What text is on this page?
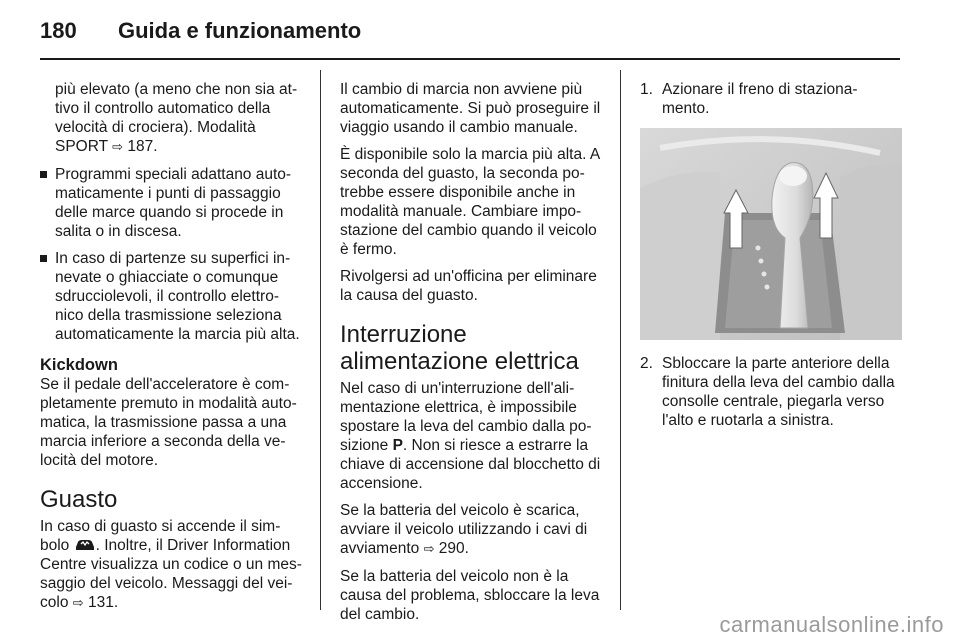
180	Guida e funzionamento

più elevato (a meno che non sia at-tivo il controllo automatico della velocità di crociera). Modalità SPORT ⇨ 187.

Programmi speciali adattano auto-maticamente i punti di passaggio delle marce quando si procede in salita o in discesa.
In caso di partenze su superfici in-nevate o ghiacciate o comunque sdrucciolevoli, il controllo elettro-nico della trasmissione seleziona automaticamente la marcia più alta.
Kickdown

Se il pedale dell'acceleratore è com-pletamente premuto in modalità auto-matica, la trasmissione passa a una marcia inferiore a seconda della ve-locità del motore.

Guasto

In caso di guasto si accende il sim-bolo . Inoltre, il Driver Information Centre visualizza un codice o un mes-saggio del veicolo. Messaggi del vei-colo ⇨ 131.

Il cambio di marcia non avviene più automaticamente. Si può proseguire il viaggio usando il cambio manuale.

È disponibile solo la marcia più alta. A seconda del guasto, la seconda po-trebbe essere disponibile anche in modalità manuale. Cambiare impo-stazione del cambio quando il veicolo è fermo.

Rivolgersi ad un'officina per eliminare la causa del guasto.

Interruzione alimentazione elettrica

Nel caso di un'interruzione dell'ali-mentazione elettrica, è impossibile spostare la leva del cambio dalla po-sizione P. Non si riesce a estrarre la chiave di accensione dal blocchetto di accensione.

Se la batteria del veicolo è scarica, avviare il veicolo utilizzando i cavi di avviamento ⇨ 290.

Se la batteria del veicolo non è la causa del problema, sbloccare la leva del cambio.

1. Azionare il freno di staziona-mento.
2. Sbloccare la parte anteriore della finitura della leva del cambio dalla consolle centrale, piegarla verso l'alto e ruotarla a sinistra.
carmanualsonline.info
